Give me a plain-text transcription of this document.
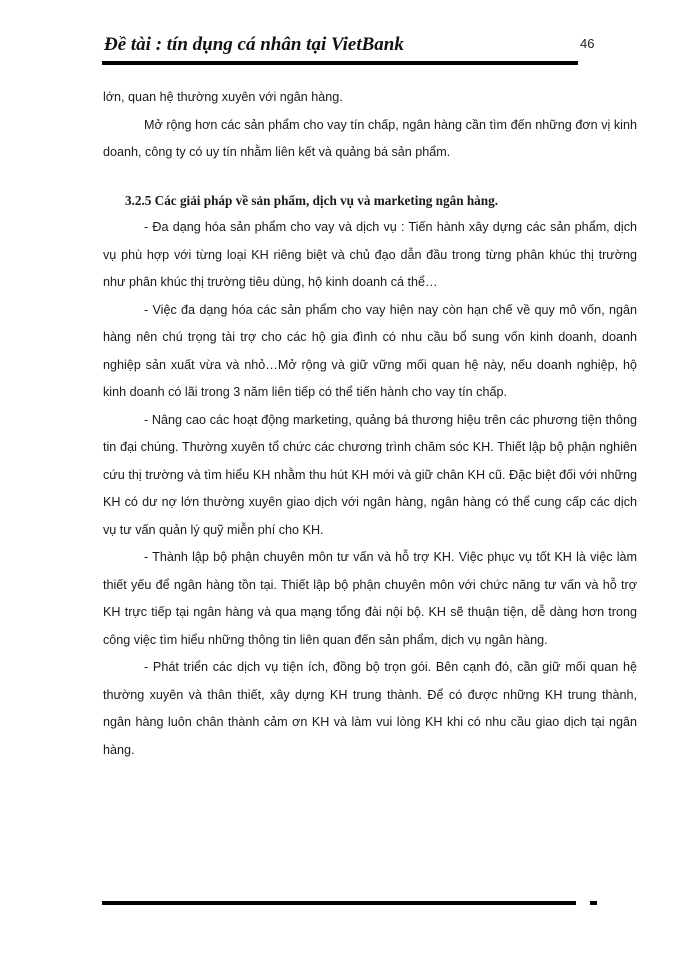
Đề tài : tín dụng cá nhân tại VietBank	46

lớn, quan hệ thường xuyên với ngân hàng.

Mở rộng hơn các sản phẩm cho vay tín chấp, ngân hàng cần tìm đến những đơn vị kinh doanh, công ty có uy tín nhằm liên kết và quảng bá sản phẩm.

3.2.5 Các giải pháp về sản phẩm, dịch vụ và marketing ngân hàng.

- Đa dạng hóa sản phẩm cho vay và dịch vụ : Tiến hành xây dựng các sản phẩm, dịch vụ phù hợp với từng loại KH riêng biệt và chủ đạo dẫn đầu trong từng phân khúc thị trường như phân khúc thị trường tiêu dùng, hộ kinh doanh cá thể…

- Việc đa dạng hóa các sản phẩm cho vay hiện nay còn hạn chế về quy mô vốn, ngân hàng nên chú trọng tài trợ cho các hộ gia đình có nhu cầu bổ sung vốn kinh doanh, doanh nghiệp sản xuất vừa và nhỏ…Mở rộng và giữ vững mối quan hệ này, nếu doanh nghiệp, hộ kinh doanh có lãi trong 3 năm liên tiếp có thể tiến hành cho vay tín chấp.

- Nâng cao các hoạt động marketing, quảng bá thương hiệu trên các phương tiện thông tin đại chúng. Thường xuyên tổ chức các chương trình chăm sóc KH. Thiết lập bộ phận nghiên cứu thị trường và tìm hiểu KH nhằm thu hút KH mới và giữ chân KH cũ. Đặc biệt đối với những KH có dư nợ lớn thường xuyên giao dịch với ngân hàng, ngân hàng có thể cung cấp các dịch vụ tư vấn quản lý quỹ miễn phí cho KH.

- Thành lập bộ phận chuyên môn tư vấn và hỗ trợ KH. Việc phục vụ tốt KH là việc làm thiết yếu để ngân hàng tồn tại. Thiết lập bộ phận chuyên môn với chức năng tư vấn và hỗ trợ KH trực tiếp tại ngân hàng và qua mạng tổng đài nội bộ. KH sẽ thuận tiện, dễ dàng hơn trong công việc tìm hiểu những thông tin liên quan đến sản phẩm, dịch vụ ngân hàng.

- Phát triển các dịch vụ tiện ích, đồng bộ trọn gói. Bên cạnh đó, cần giữ mối quan hệ thường xuyên và thân thiết, xây dựng KH trung thành. Để có được những KH trung thành, ngân hàng luôn chân thành cảm ơn KH và làm vui lòng KH khi có nhu cầu giao dịch tại ngân hàng.
